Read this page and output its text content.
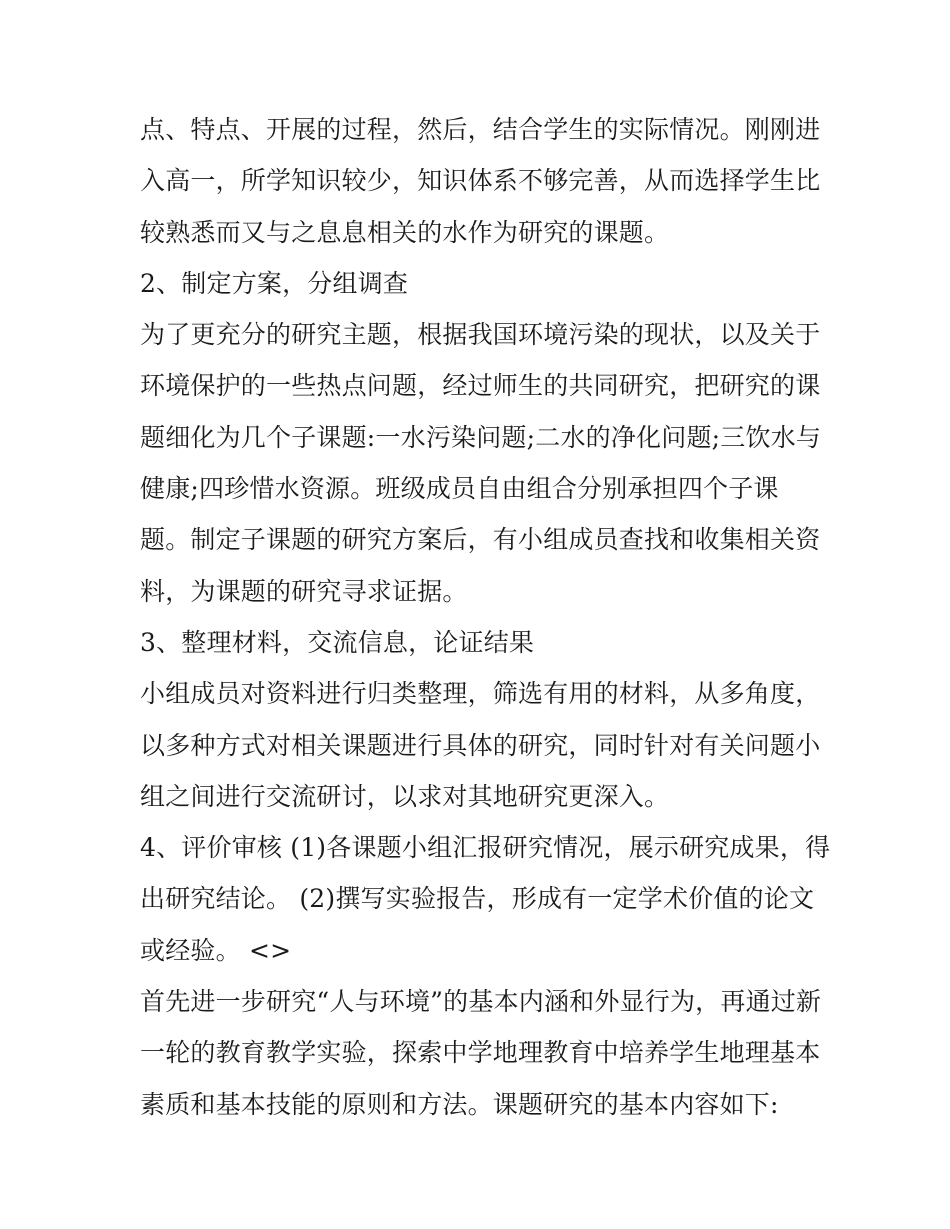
点、特点、开展的过程，然后，结合学生的实际情况。刚刚进
入高一，所学知识较少，知识体系不够完善，从而选择学生比
较熟悉而又与之息息相关的水作为研究的课题。
2、制定方案，分组调查
为了更充分的研究主题，根据我国环境污染的现状，以及关于
环境保护的一些热点问题，经过师生的共同研究，把研究的课
题细化为几个子课题:一水污染问题;二水的净化问题;三饮水与
健康;四珍惜水资源。班级成员自由组合分别承担四个子课
题。制定子课题的研究方案后，有小组成员查找和收集相关资
料，为课题的研究寻求证据。
3、整理材料，交流信息，论证结果
小组成员对资料进行归类整理，筛选有用的材料，从多角度，
以多种方式对相关课题进行具体的研究，同时针对有关问题小
组之间进行交流研讨，以求对其地研究更深入。
4、评价审核 (1)各课题小组汇报研究情况，展示研究成果，得
出研究结论。 (2)撰写实验报告，形成有一定学术价值的论文
或经验。 <>
首先进一步研究“人与环境”的基本内涵和外显行为，再通过新
一轮的教育教学实验，探索中学地理教育中培养学生地理基本
素质和基本技能的原则和方法。课题研究的基本内容如下:
